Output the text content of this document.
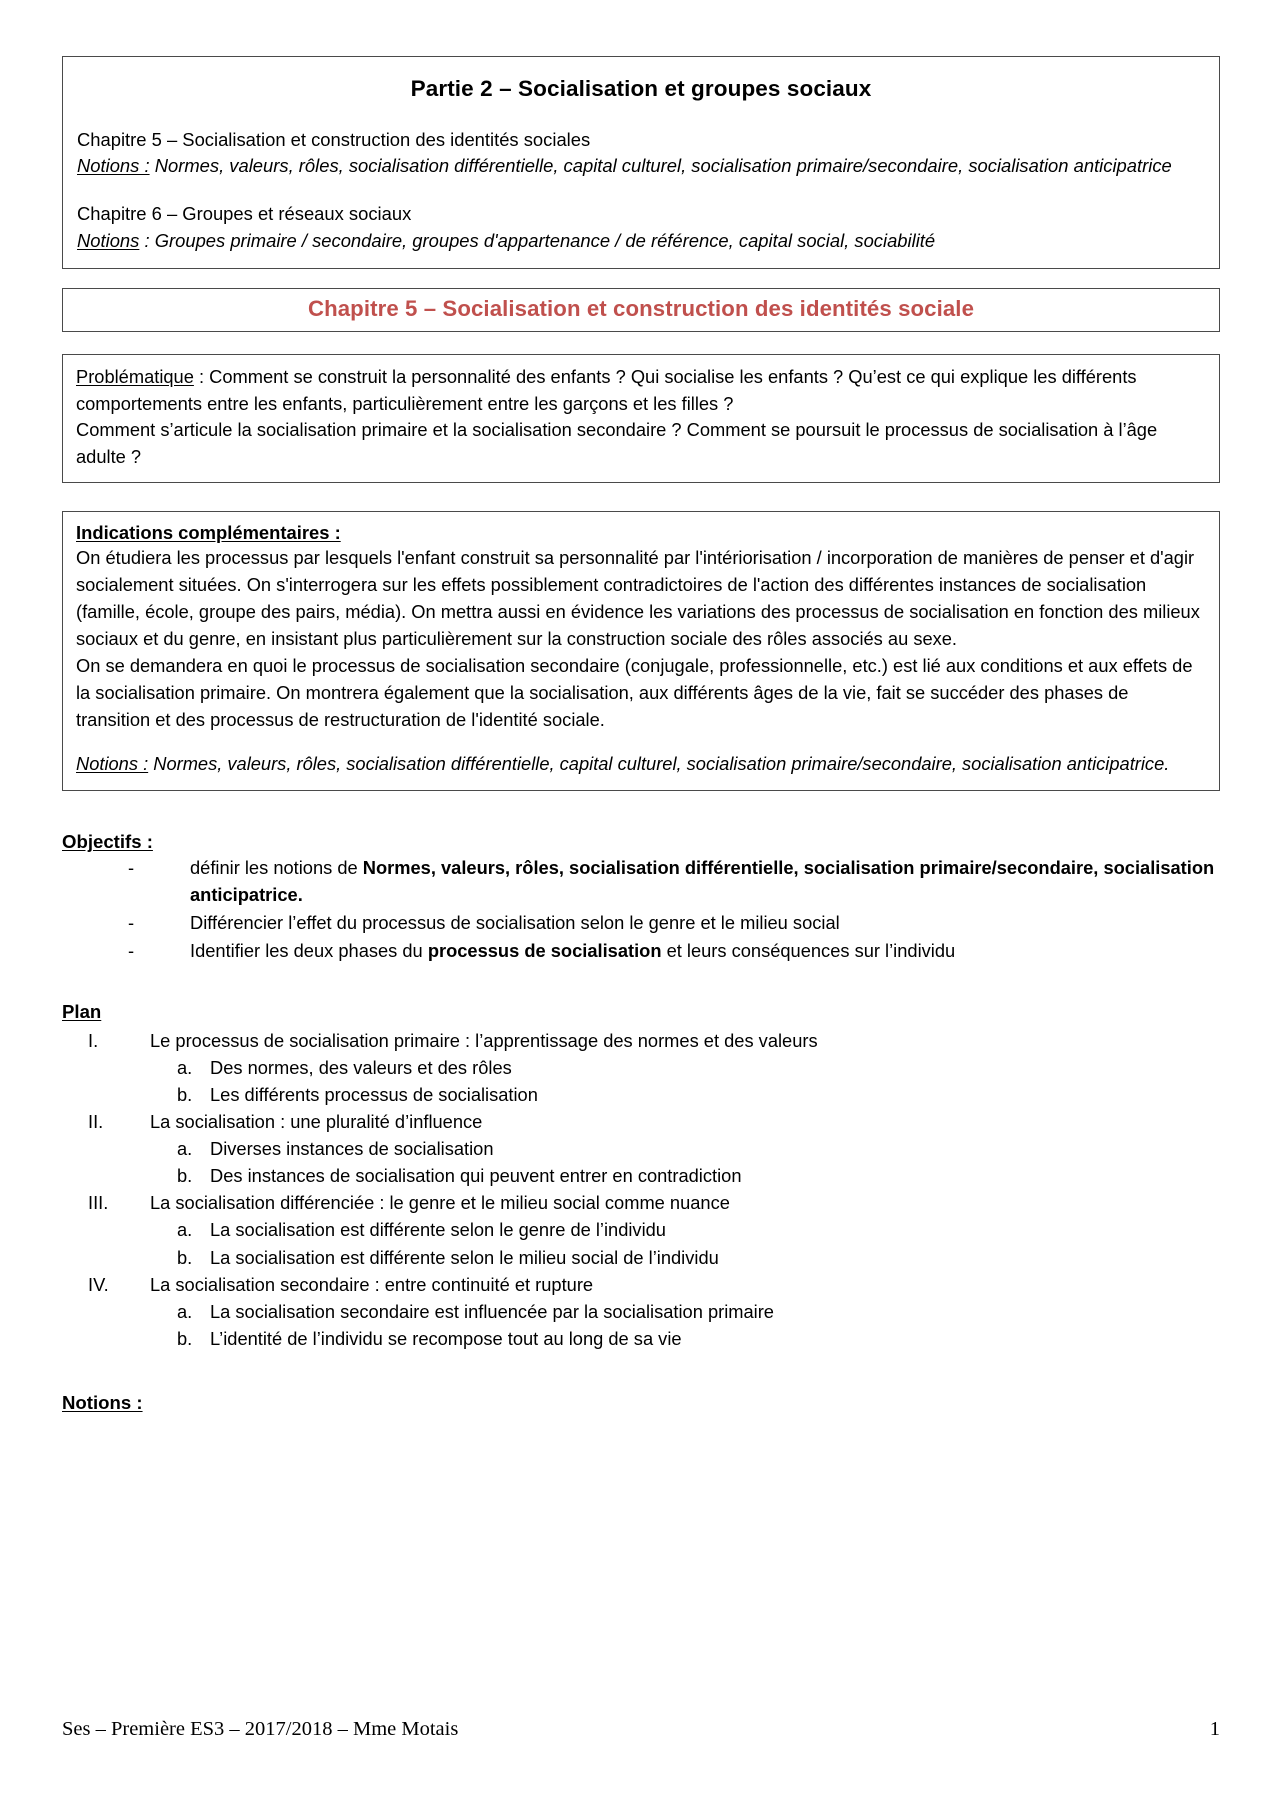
Partie 2 – Socialisation et groupes sociaux
Chapitre 5 – Socialisation et construction des identités sociales
Notions : Normes, valeurs, rôles, socialisation différentielle, capital culturel, socialisation primaire/secondaire, socialisation anticipatrice
Chapitre 6 – Groupes et réseaux sociaux
Notions : Groupes primaire / secondaire, groupes d'appartenance / de référence, capital social, sociabilité
Chapitre 5 – Socialisation et construction des identités sociale

Problématique : Comment se construit la personnalité des enfants ? Qui socialise les enfants ? Qu’est ce qui explique les différents comportements entre les enfants, particulièrement entre les garçons et les filles ?

Comment s’articule la socialisation primaire et la socialisation secondaire ? Comment se poursuit le processus de socialisation à l’âge adulte ?

Indications complémentaires :

On étudiera les processus par lesquels l'enfant construit sa personnalité par l'intériorisation / incorporation de manières de penser et d'agir socialement situées. On s'interrogera sur les effets possiblement contradictoires de l'action des différentes instances de socialisation (famille, école, groupe des pairs, média). On mettra aussi en évidence les variations des processus de socialisation en fonction des milieux sociaux et du genre, en insistant plus particulièrement sur la construction sociale des rôles associés au sexe.

On se demandera en quoi le processus de socialisation secondaire (conjugale, professionnelle, etc.) est lié aux conditions et aux effets de la socialisation primaire. On montrera également que la socialisation, aux différents âges de la vie, fait se succéder des phases de transition et des processus de restructuration de l'identité sociale.

Notions : Normes, valeurs, rôles, socialisation différentielle, capital culturel, socialisation primaire/secondaire, socialisation anticipatrice.

Objectifs :
-	définir les notions de Normes, valeurs, rôles, socialisation différentielle, socialisation primaire/secondaire, socialisation anticipatrice.
-	Différencier l’effet du processus de socialisation selon le genre et le milieu social
-	Identifier les deux phases du processus de socialisation et leurs conséquences sur l’individu
Plan
I.	Le processus de socialisation primaire : l’apprentissage des normes et des valeurs
a. Des normes, des valeurs et des rôles
b. Les différents processus de socialisation
II.	La socialisation : une pluralité d’influence
a. Diverses instances de socialisation
b. Des instances de socialisation qui peuvent entrer en contradiction
III.	La socialisation différenciée : le genre et le milieu social comme nuance
a. La socialisation est différente selon le genre de l’individu
b. La socialisation est différente selon le milieu social de l’individu
IV.	La socialisation secondaire : entre continuité et rupture
a. La socialisation secondaire est influencée par la socialisation primaire
b. L’identité de l’individu se recompose tout au long de sa vie
Notions :
Ses – Première ES3 – 2017/2018 – Mme Motais	1
